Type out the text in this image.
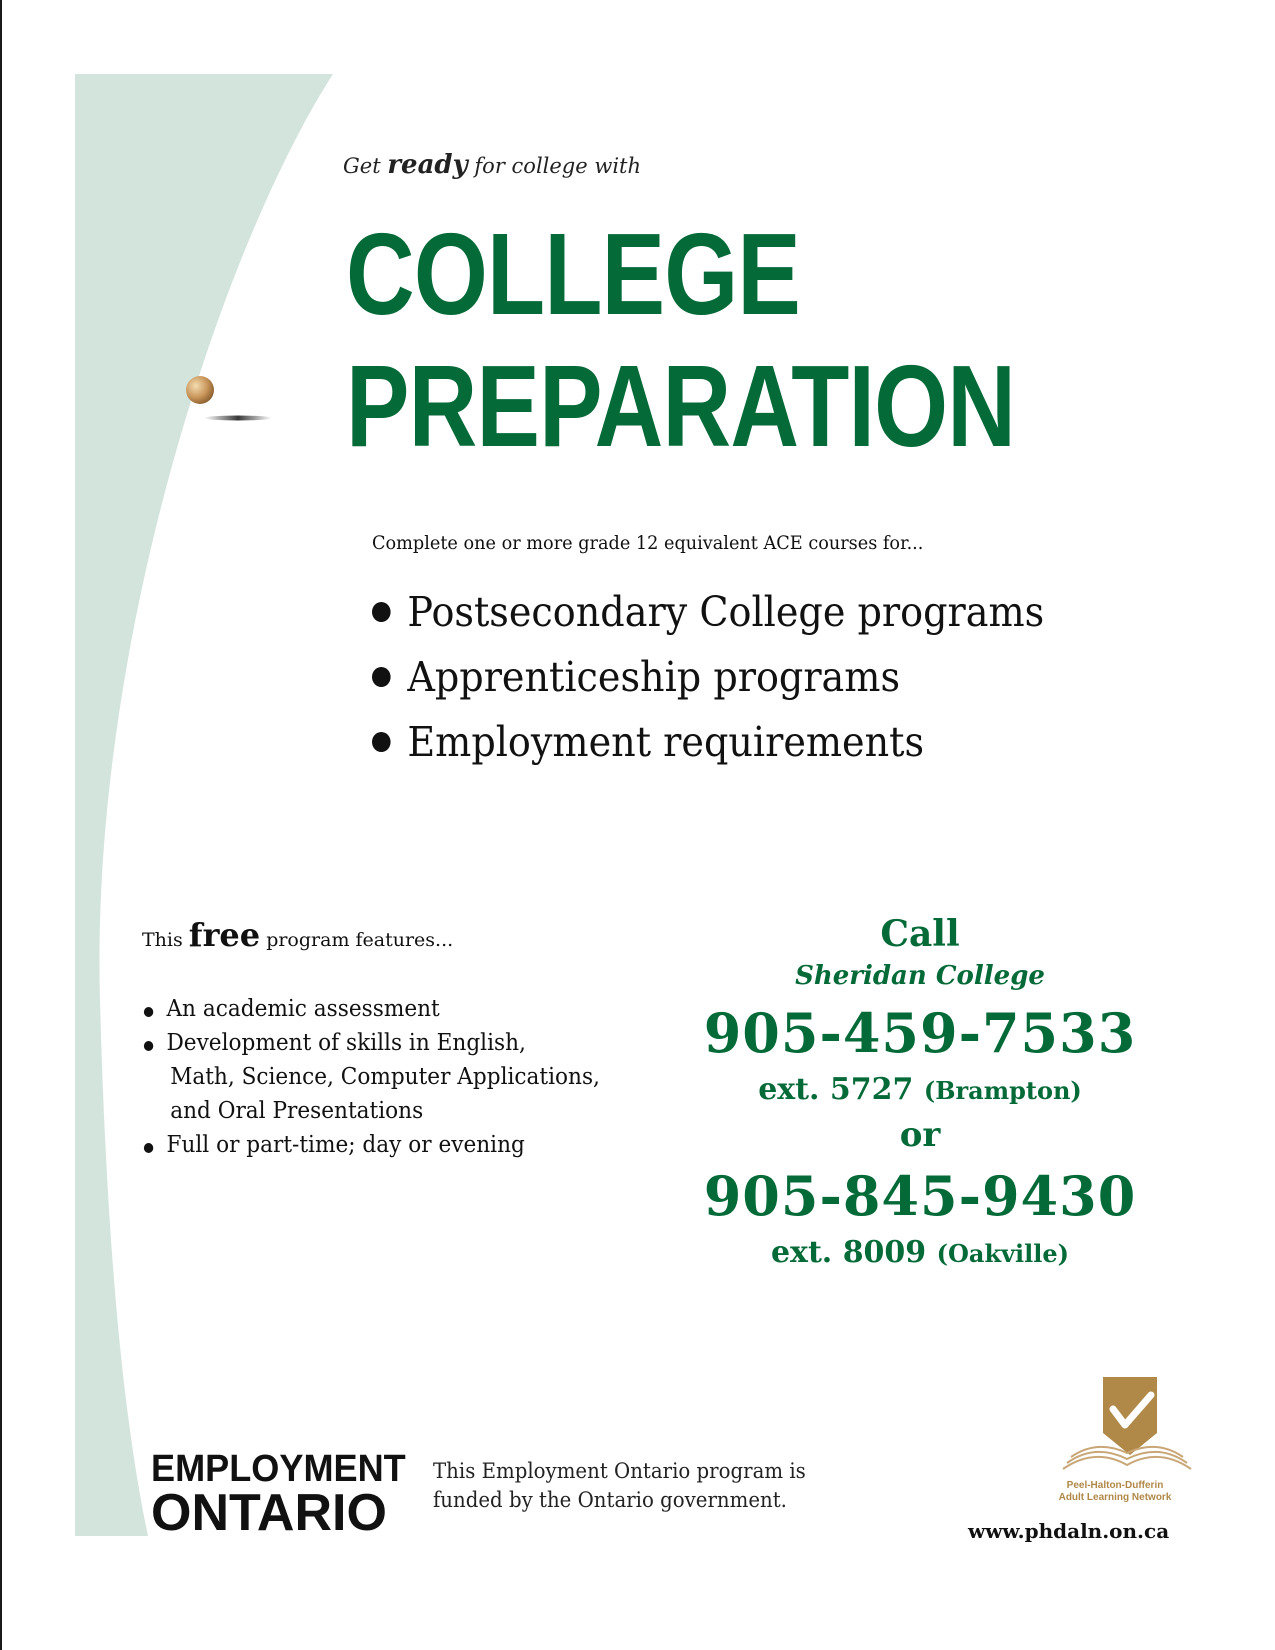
Get ready for college with
COLLEGE
PREPARATION
Complete one or more grade 12 equivalent ACE courses for...
Postsecondary College programs
Apprenticeship programs
Employment requirements
This free program features...
An academic assessment
Development of skills in English,
Math, Science, Computer Applications,
and Oral Presentations
Full or part-time; day or evening
Call
Sheridan College
905-459-7533
ext. 5727 (Brampton)
or
905-845-9430
ext. 8009 (Oakville)
EMPLOYMENT
ONTARIO
This Employment Ontario program is funded by the Ontario government.
Peel-Halton-Dufferin
Adult Learning Network
www.phdaln.on.ca
